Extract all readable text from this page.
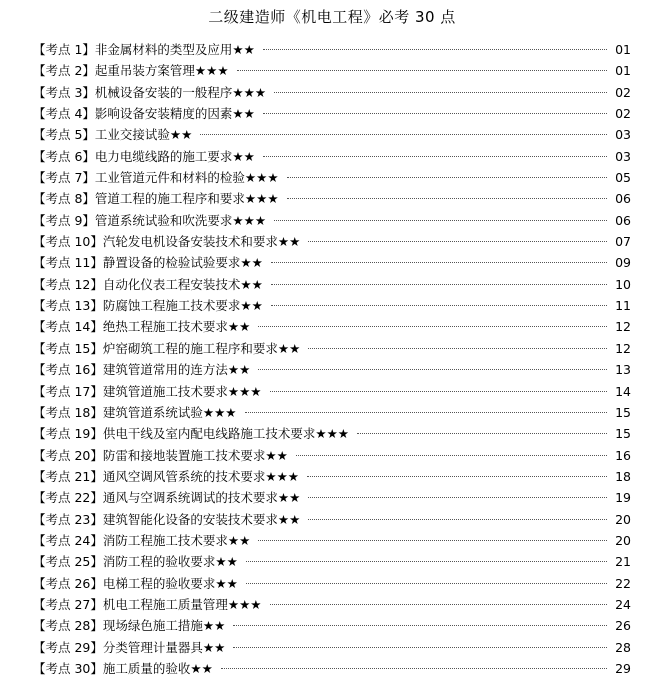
二级建造师《机电工程》必考 30 点
【考点 1】非金属材料的类型及应用★★	01
【考点 2】起重吊装方案管理★★★	01
【考点 3】机械设备安装的一般程序★★★	02
【考点 4】影响设备安装精度的因素★★	02
【考点 5】工业交接试验★★	03
【考点 6】电力电缆线路的施工要求★★	03
【考点 7】工业管道元件和材料的检验★★★	05
【考点 8】管道工程的施工程序和要求★★★	06
【考点 9】管道系统试验和吹洗要求★★★	06
【考点 10】汽轮发电机设备安装技术和要求★★	07
【考点 11】静置设备的检验试验要求★★	09
【考点 12】自动化仪表工程安装技术★★	10
【考点 13】防腐蚀工程施工技术要求★★	11
【考点 14】绝热工程施工技术要求★★	12
【考点 15】炉窑砌筑工程的施工程序和要求★★	12
【考点 16】建筑管道常用的连方法★★	13
【考点 17】建筑管道施工技术要求★★★	14
【考点 18】建筑管道系统试验★★★	15
【考点 19】供电干线及室内配电线路施工技术要求★★★	15
【考点 20】防雷和接地装置施工技术要求★★	16
【考点 21】通风空调风管系统的技术要求★★★	18
【考点 22】通风与空调系统调试的技术要求★★	19
【考点 23】建筑智能化设备的安装技术要求★★	20
【考点 24】消防工程施工技术要求★★	20
【考点 25】消防工程的验收要求★★	21
【考点 26】电梯工程的验收要求★★	22
【考点 27】机电工程施工质量管理★★★	24
【考点 28】现场绿色施工措施★★	26
【考点 29】分类管理计量器具★★	28
【考点 30】施工质量的验收★★	29
